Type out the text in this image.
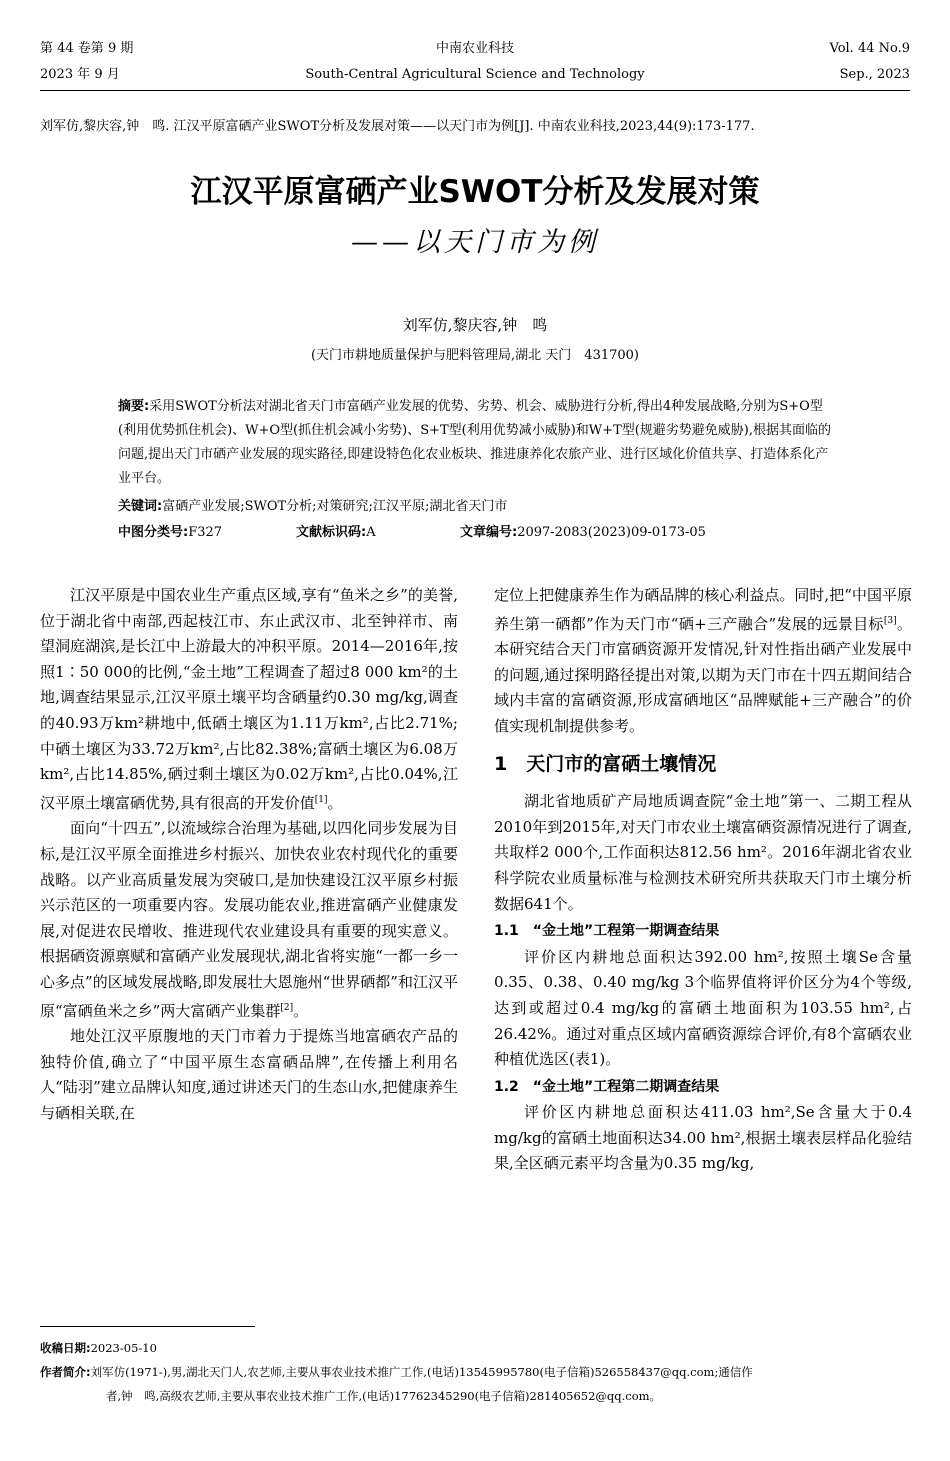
第 44 卷第 9 期
2023 年 9 月
中南农业科技
South-Central Agricultural Science and Technology
Vol. 44 No.9
Sep., 2023
刘军仿,黎庆容,钟　鸣. 江汉平原富硒产业SWOT分析及发展对策——以天门市为例[J]. 中南农业科技,2023,44(9):173-177.
江汉平原富硒产业SWOT分析及发展对策
——以天门市为例
刘军仿,黎庆容,钟　鸣
(天门市耕地质量保护与肥料管理局,湖北 天门　431700)
摘要:采用SWOT分析法对湖北省天门市富硒产业发展的优势、劣势、机会、威胁进行分析,得出4种发展战略,分别为S+O型(利用优势抓住机会)、W+O型(抓住机会减小劣势)、S+T型(利用优势减小威胁)和W+T型(规避劣势避免威胁),根据其面临的问题,提出天门市硒产业发展的现实路径,即建设特色化农业板块、推进康养化农旅产业、进行区域化价值共享、打造体系化产业平台。
关键词:富硒产业发展;SWOT分析;对策研究;江汉平原;湖北省天门市
中图分类号:F327	文献标识码:A	文章编号:2097-2083(2023)09-0173-05

江汉平原是中国农业生产重点区域,享有“鱼米之乡”的美誉,位于湖北省中南部,西起枝江市、东止武汉市、北至钟祥市、南望洞庭湖滨,是长江中上游最大的冲积平原。2014—2016年,按照1∶50 000的比例,“金土地”工程调查了超过8 000 km²的土地,调查结果显示,江汉平原土壤平均含硒量约0.30 mg/kg,调查的40.93万km²耕地中,低硒土壤区为1.11万km²,占比2.71%;中硒土壤区为33.72万km²,占比82.38%;富硒土壤区为6.08万km²,占比14.85%,硒过剩土壤区为0.02万km²,占比0.04%,江汉平原土壤富硒优势,具有很高的开发价值[1]。

面向“十四五”,以流域综合治理为基础,以四化同步发展为目标,是江汉平原全面推进乡村振兴、加快农业农村现代化的重要战略。以产业高质量发展为突破口,是加快建设江汉平原乡村振兴示范区的一项重要内容。发展功能农业,推进富硒产业健康发展,对促进农民增收、推进现代农业建设具有重要的现实意义。根据硒资源禀赋和富硒产业发展现状,湖北省将实施“一都一乡一心多点”的区域发展战略,即发展壮大恩施州“世界硒都”和江汉平原“富硒鱼米之乡”两大富硒产业集群[2]。

地处江汉平原腹地的天门市着力于提炼当地富硒农产品的独特价值,确立了“中国平原生态富硒品牌”,在传播上利用名人“陆羽”建立品牌认知度,通过讲述天门的生态山水,把健康养生与硒相关联,在

定位上把健康养生作为硒品牌的核心利益点。同时,把“中国平原养生第一硒都”作为天门市“硒+三产融合”发展的远景目标[3]。本研究结合天门市富硒资源开发情况,针对性指出硒产业发展中的问题,通过探明路径提出对策,以期为天门市在十四五期间结合域内丰富的富硒资源,形成富硒地区“品牌赋能+三产融合”的价值实现机制提供参考。

1　天门市的富硒土壤情况

湖北省地质矿产局地质调查院“金土地”第一、二期工程从2010年到2015年,对天门市农业土壤富硒资源情况进行了调查,共取样2 000个,工作面积达812.56 hm²。2016年湖北省农业科学院农业质量标准与检测技术研究所共获取天门市土壤分析数据641个。

1.1　“金土地”工程第一期调查结果

评价区内耕地总面积达392.00 hm²,按照土壤Se含量0.35、0.38、0.40 mg/kg 3个临界值将评价区分为4个等级,达到或超过0.4 mg/kg的富硒土地面积为103.55 hm²,占26.42%。通过对重点区域内富硒资源综合评价,有8个富硒农业种植优选区(表1)。

1.2　“金土地”工程第二期调查结果

评价区内耕地总面积达411.03 hm²,Se含量大于0.4 mg/kg的富硒土地面积达34.00 hm²,根据土壤表层样品化验结果,全区硒元素平均含量为0.35 mg/kg,

收稿日期:2023-05-10
作者简介:刘军仿(1971-),男,湖北天门人,农艺师,主要从事农业技术推广工作,(电话)13545995780(电子信箱)526558437@qq.com;通信作
者,钟　鸣,高级农艺师,主要从事农业技术推广工作,(电话)17762345290(电子信箱)281405652@qq.com。
